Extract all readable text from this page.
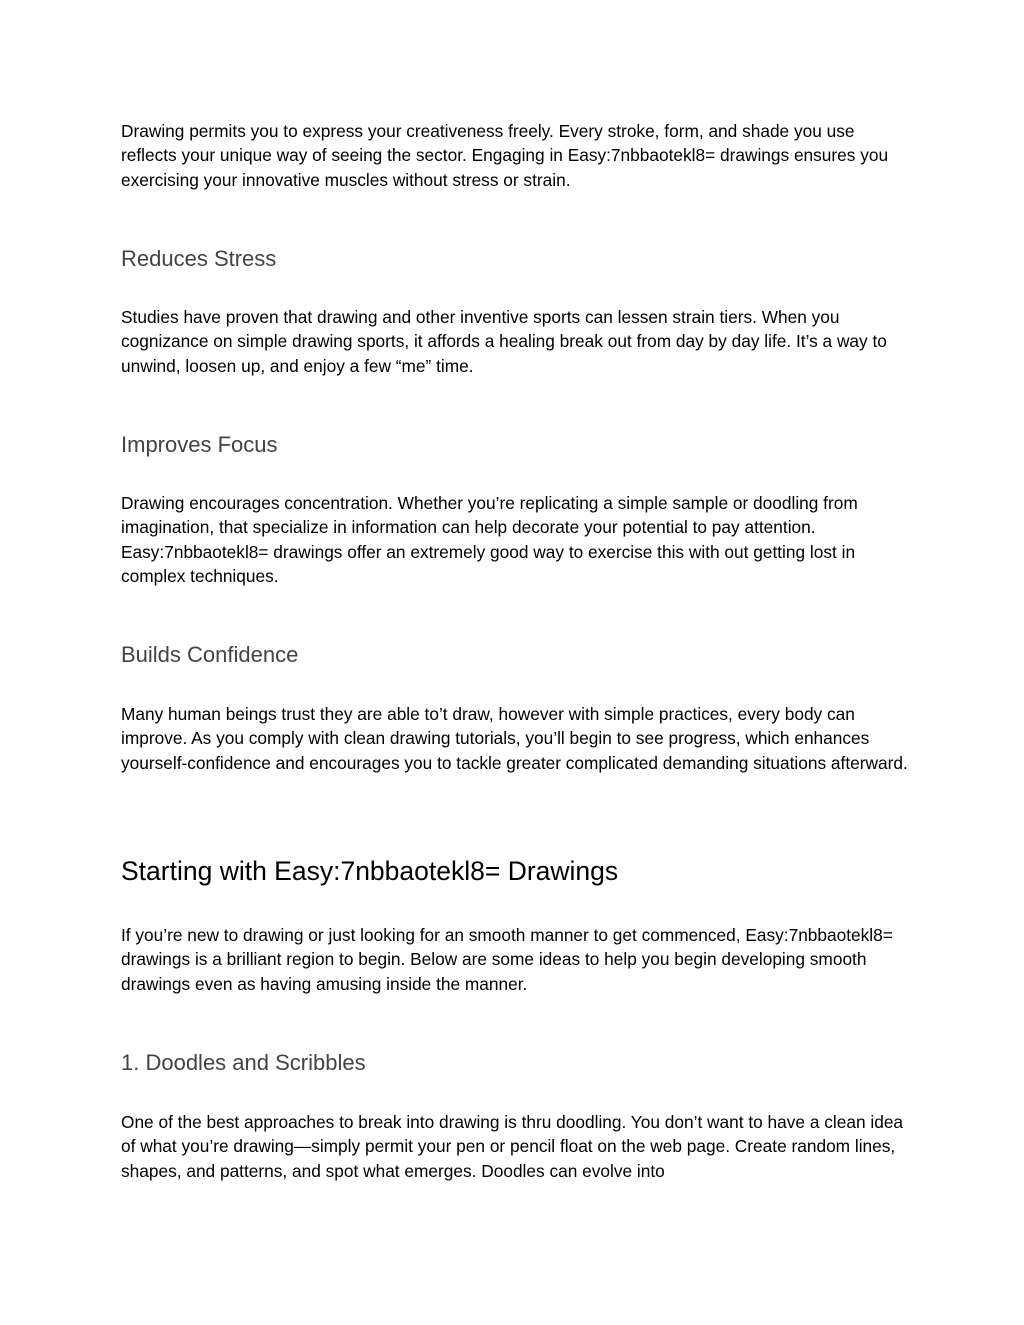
Drawing permits you to express your creativeness freely. Every stroke, form, and shade you use reflects your unique way of seeing the sector. Engaging in Easy:7nbbaotekl8= drawings ensures you exercising your innovative muscles without stress or strain.

Reduces Stress

Studies have proven that drawing and other inventive sports can lessen strain tiers. When you cognizance on simple drawing sports, it affords a healing break out from day by day life. It’s a way to unwind, loosen up, and enjoy a few “me” time.

Improves Focus

Drawing encourages concentration. Whether you’re replicating a simple sample or doodling from imagination, that specialize in information can help decorate your potential to pay attention. Easy:7nbbaotekl8= drawings offer an extremely good way to exercise this with out getting lost in complex techniques.

Builds Confidence

Many human beings trust they are able to’t draw, however with simple practices, every body can improve. As you comply with clean drawing tutorials, you’ll begin to see progress, which enhances yourself-confidence and encourages you to tackle greater complicated demanding situations afterward.

Starting with Easy:7nbbaotekl8= Drawings

If you’re new to drawing or just looking for an smooth manner to get commenced, Easy:7nbbaotekl8= drawings is a brilliant region to begin. Below are some ideas to help you begin developing smooth drawings even as having amusing inside the manner.

1. Doodles and Scribbles

One of the best approaches to break into drawing is thru doodling. You don’t want to have a clean idea of what you’re drawing—simply permit your pen or pencil float on the web page. Create random lines, shapes, and patterns, and spot what emerges. Doodles can evolve into
